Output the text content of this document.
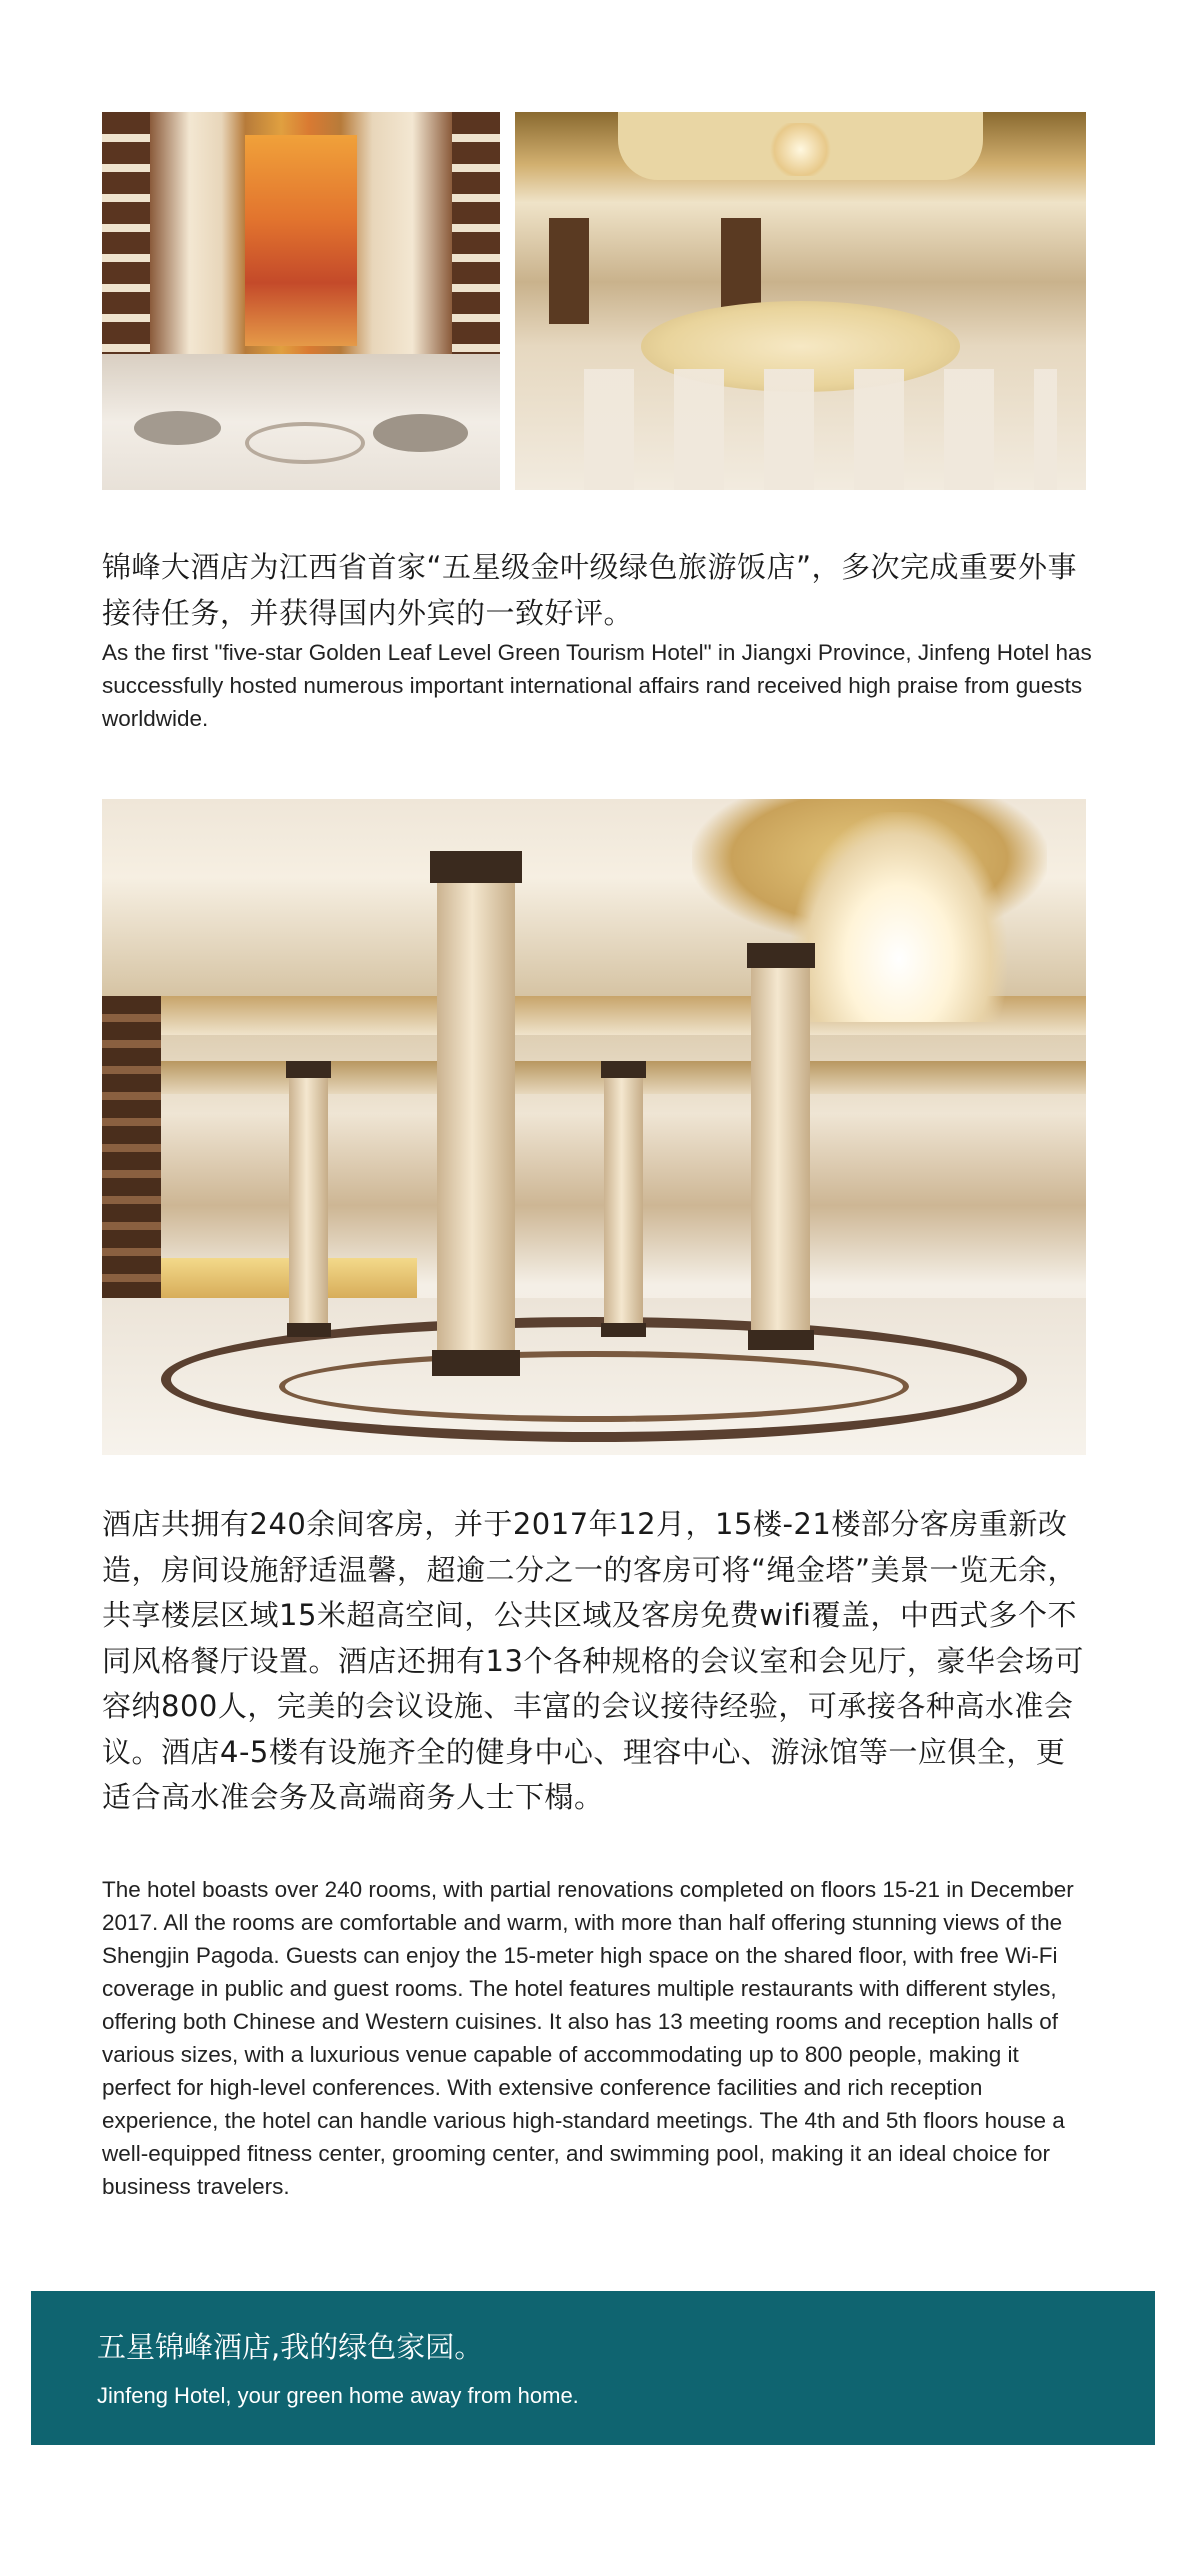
锦峰大酒店为江西省首家“五星级金叶级绿色旅游饭店”，多次完成重要外事接待任务，并获得国内外宾的一致好评。
As the first "five-star Golden Leaf Level Green Tourism Hotel" in Jiangxi Province, Jinfeng Hotel has successfully hosted numerous important international affairs rand received high praise from guests worldwide.
酒店共拥有240余间客房，并于2017年12月，15楼-21楼部分客房重新改造，房间设施舒适温馨，超逾二分之一的客房可将“绳金塔”美景一览无余，共享楼层区域15米超高空间，公共区域及客房免费wifi覆盖，中西式多个不同风格餐厅设置。酒店还拥有13个各种规格的会议室和会见厅，豪华会场可容纳800人，完美的会议设施、丰富的会议接待经验，可承接各种高水准会议。酒店4-5楼有设施齐全的健身中心、理容中心、游泳馆等一应俱全，更适合高水准会务及高端商务人士下榻。
The hotel boasts over 240 rooms, with partial renovations completed on floors 15-21 in December 2017. All the rooms are comfortable and warm, with more than half offering stunning views of the Shengjin Pagoda. Guests can enjoy the 15-meter high space on the shared floor, with free Wi-Fi coverage in public and guest rooms. The hotel features multiple restaurants with different styles, offering both Chinese and Western cuisines. It also has 13 meeting rooms and reception halls of various sizes, with a luxurious venue capable of accommodating up to 800 people, making it perfect for high-level conferences. With extensive conference facilities and rich reception experience, the hotel can handle various high-standard meetings. The 4th and 5th floors house a well-equipped fitness center, grooming center, and swimming pool, making it an ideal choice for business travelers.
五星锦峰酒店,我的绿色家园。
Jinfeng Hotel, your green home away from home.
